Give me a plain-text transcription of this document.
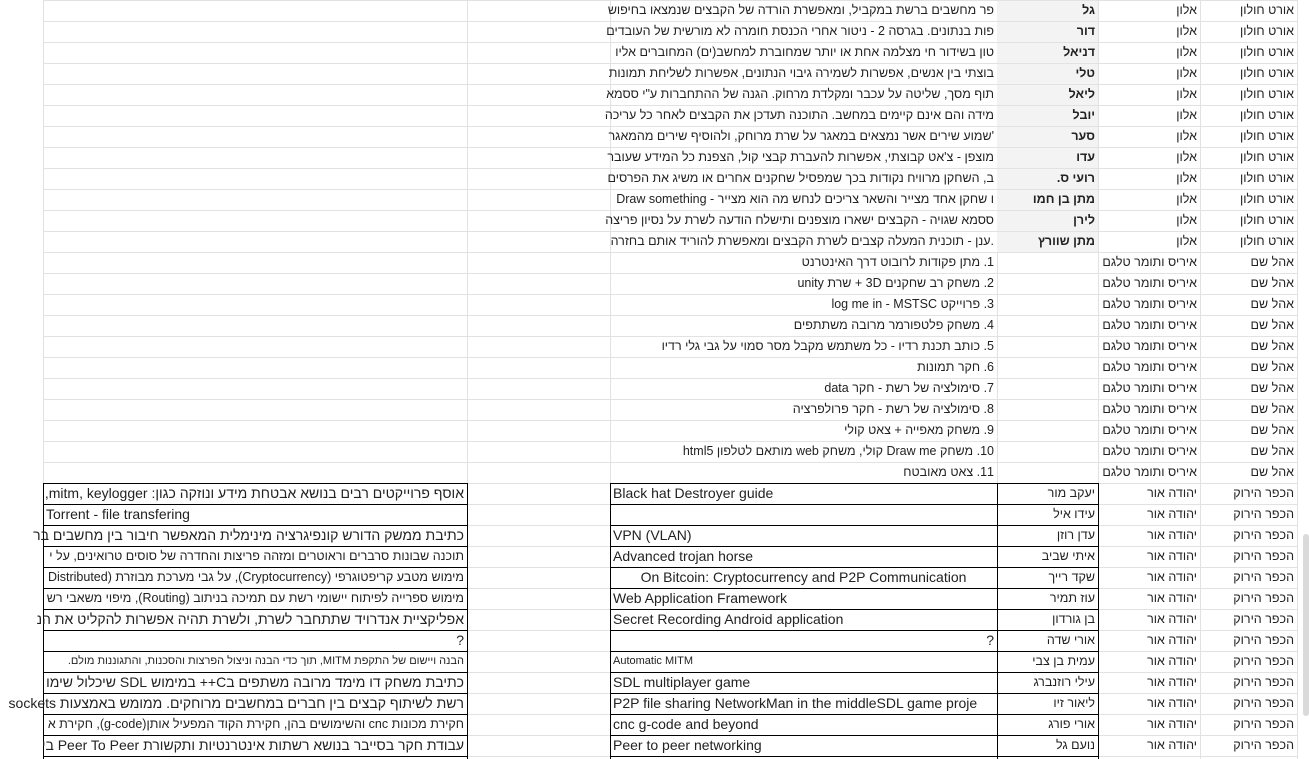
אורט חולון
אלון
גל
פר מחשבים ברשת במקביל, ומאפשרת הורדה של הקבצים שנמצאו בחיפוש
אורט חולון
אלון
דור
פות בנתונים. בגרסה 2 - ניטור אחרי הכנסת חומרה לא מורשית של העובדים
אורט חולון
אלון
דניאל
טון בשידור חי מצלמה אחת או יותר שמחוברת למחשב(ים) המחוברים אליו
אורט חולון
אלון
טלי
בוצתי בין אנשים, אפשרות לשמירה גיבוי הנתונים, אפשרות לשליחת תמונות
אורט חולון
אלון
ליאל
תוף מסך, שליטה על עכבר ומקלדת מרחוק. הגנה של ההתחברות ע"י ססמא
אורט חולון
אלון
יובל
מידה והם אינם קיימים במחשב. התוכנה תעדכן את הקבצים לאחר כל עריכה
אורט חולון
אלון
סער
'שמוע שירים אשר נמצאים במאגר על שרת מרוחק, ולהוסיף שירים מהמאגר
אורט חולון
אלון
עדו
מוצפן - צ'אט קבוצתי, אפשרות להעברת קבצי קול, הצפנת כל המידע שעובר
אורט חולון
אלון
רועי ס.
ב, השחקן מרוויח נקודות בכך שמפסיל שחקנים אחרים או משיג את הפרסים
אורט חולון
אלון
מתן בן חמו
ו שחקן אחד מצייר והשאר צריכים לנחש מה הוא מצייר - Draw something
אורט חולון
אלון
לירן
ססמא שגויה - הקבצים ישארו מוצפנים ותישלח הודעה לשרת על נסיון פריצה
אורט חולון
אלון
מתן שוורץ
.ענן - תוכנית המעלה קצבים לשרת הקבצים ומאפשרת להוריד אותם בחזרה
אהל שם
איריס ותומר טלגם
1. מתן פקודות לרובוט דרך האינטרנט
אהל שם
איריס ותומר טלגם
2. משחק רב שחקנים 3D + שרת unity
אהל שם
איריס ותומר טלגם
3. פרוייקט log me in - MSTSC
אהל שם
איריס ותומר טלגם
4. משחק פלטפורמר מרובה משתתפים
אהל שם
איריס ותומר טלגם
5. כותב תכנת רדיו - כל משתמש מקבל מסר סמוי על גבי גלי רדיו
אהל שם
איריס ותומר טלגם
6. חקר תמונות
אהל שם
איריס ותומר טלגם
7. סימולציה של רשת - חקר data
אהל שם
איריס ותומר טלגם
8. סימולציה של רשת - חקר פרולפרציה
אהל שם
איריס ותומר טלגם
9. משחק מאפייה + צאט קולי
אהל שם
איריס ותומר טלגם
10. משחק Draw me קולי, משחק web מותאם לטלפון html5
אהל שם
איריס ותומר טלגם
11. צאט מאובטח
הכפר הירוק
יהודה אור
יעקב מור
Black hat Destroyer guide
אוסף פרוייקטים רבים בנושא אבטחת מידע ונוזקה כגון: mitm, keylogger,
הכפר הירוק
יהודה אור
עידו איל
Torrent - file transfering
הכפר הירוק
יהודה אור
עדן רוזן
VPN (VLAN)
כתיבת ממשק הדורש קונפיגרציה מינימלית המאפשר חיבור בין מחשבים בר
הכפר הירוק
יהודה אור
איתי שביב
Advanced trojan horse
תוכנה שבונות סרברים וראוטרים ומזהה פריצות והחדרה של סוסים טרואינים, על י
הכפר הירוק
יהודה אור
שקד רייך
On Bitcoin: Cryptocurrency and P2P Communication
מימוש מטבע קריפטוגרפי (Cryptocurrency), על גבי מערכת מבוזרת (Distributed
הכפר הירוק
יהודה אור
עוז תמיר
Web Application Framework
מימוש ספרייה לפיתוח יישומי רשת עם תמיכה בניתוב (Routing), מיפוי משאבי רש
הכפר הירוק
יהודה אור
בן גורדון
Secret Recording Android application
אפליקציית אנדרויד שתתחבר לשרת, ולשרת תהיה אפשרות להקליט את הנ
הכפר הירוק
יהודה אור
אורי שדה
?
?
הכפר הירוק
יהודה אור
עמית בן צבי
Automatic MITM
הבנה ויישום של התקפת MITM, תוך כדי הבנה וניצול הפרצות והסכנות, והתגוננות מולם.
הכפר הירוק
יהודה אור
עילי רוזנברג
SDL multiplayer game
כתיבת משחק דו מימד מרובה משתפים בC++ במימוש SDL שיכלול שימו
הכפר הירוק
יהודה אור
ליאור זיו
P2P file sharing NetworkMan in the middleSDL game proje
רשת לשיתוף קבצים בין חברים במחשבים מרוחקים. ממומש באמצעות sockets
הכפר הירוק
יהודה אור
אורי פורג
cnc g-code and beyond
חקירת מכונות cnc והשימושים בהן, חקירת הקוד המפעיל אותן(g-code), חקירת א
הכפר הירוק
יהודה אור
נועם גל
Peer to peer networking
עבודת חקר בסייבר בנושא רשתות אינטרנטיות ותקשורת Peer To Peer בי
